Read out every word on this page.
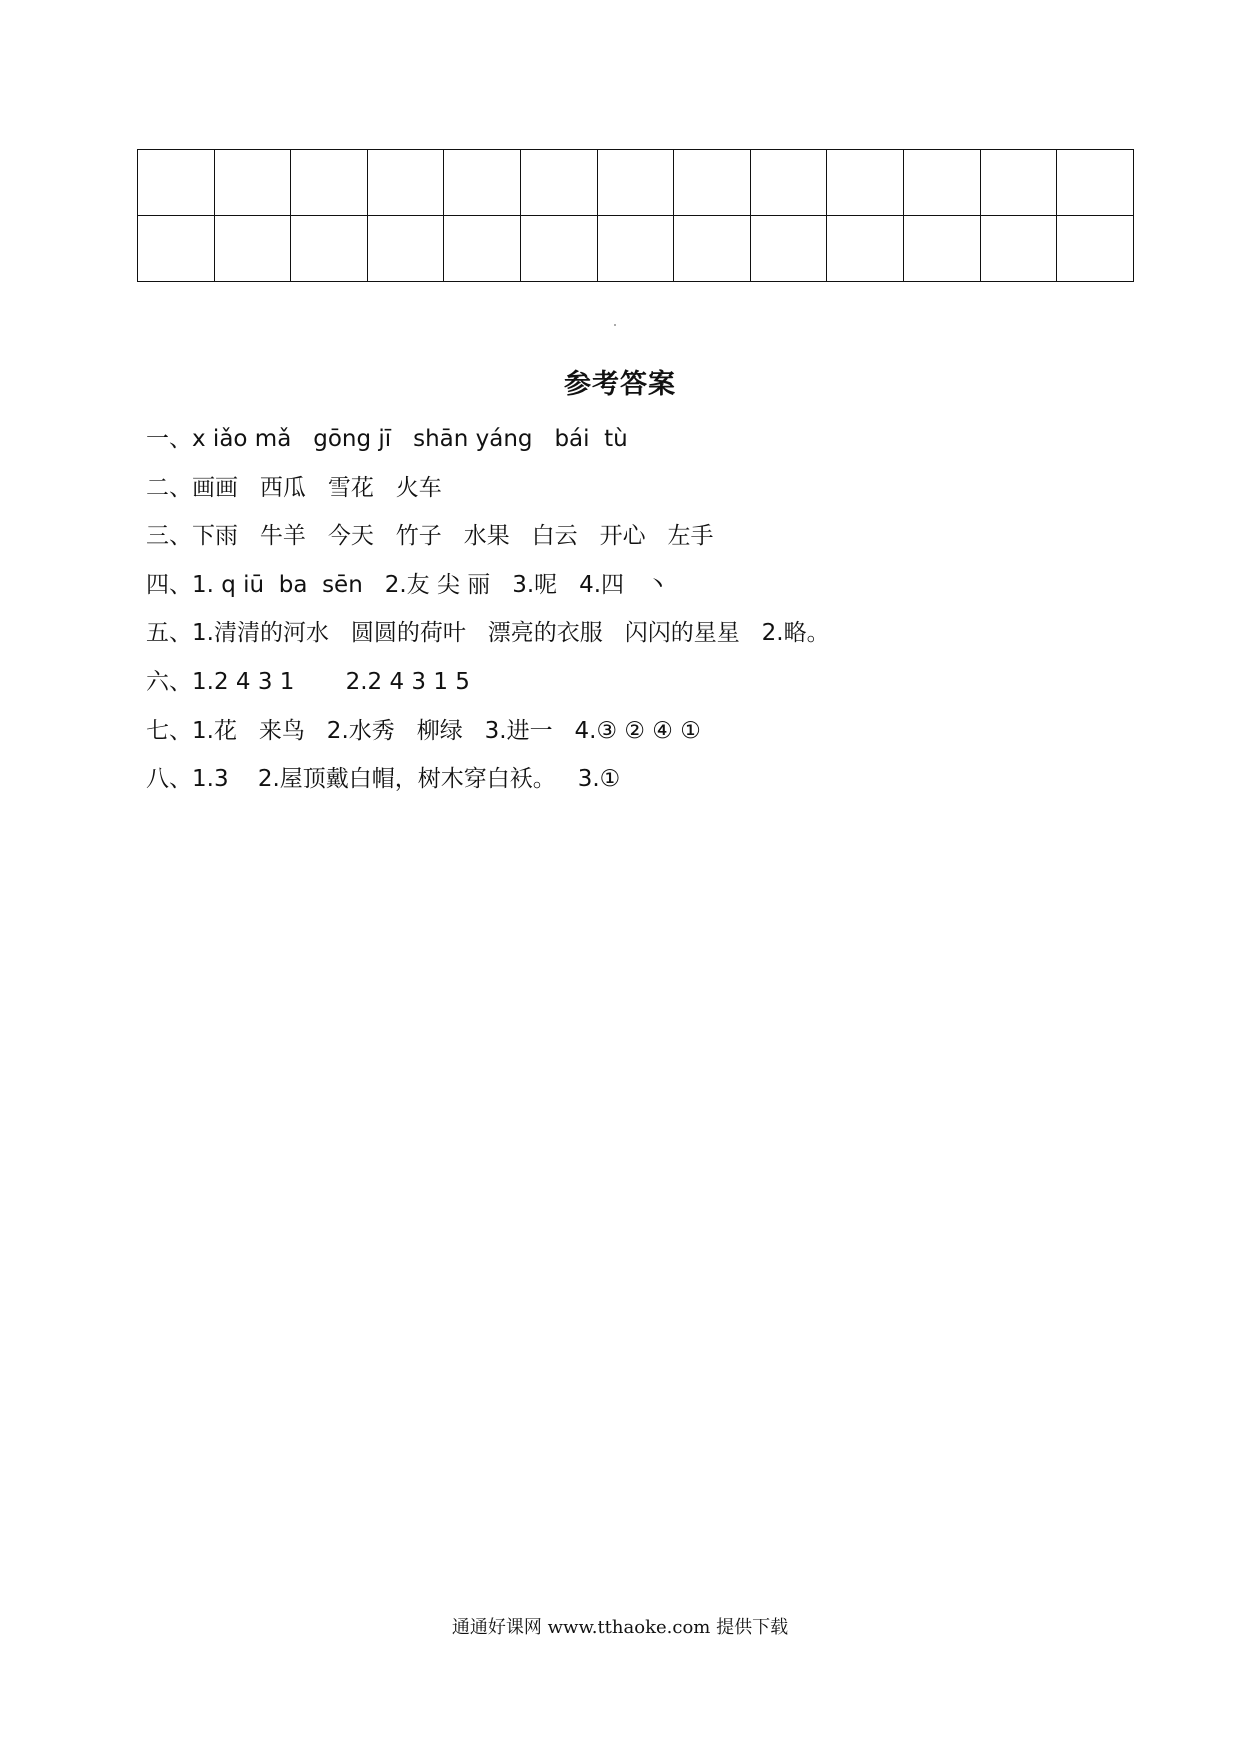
参考答案
一、x iǎo mǎ   gōng jī   shān yáng   bái  tù
二、画画   西瓜   雪花   火车
三、下雨   牛羊   今天   竹子   水果   白云   开心   左手
四、1. q iū  ba  sēn   2.友 尖 丽   3.呢   4.四   丶
五、1.清清的河水   圆圆的荷叶   漂亮的衣服   闪闪的星星   2.略。
六、1.2 4 3 1       2.2 4 3 1 5
七、1.花   来鸟   2.水秀   柳绿   3.进一   4.③ ② ④ ①
八、1.3    2.屋顶戴白帽，树木穿白袄。   3.①
通通好课网 www.tthaoke.com 提供下载
